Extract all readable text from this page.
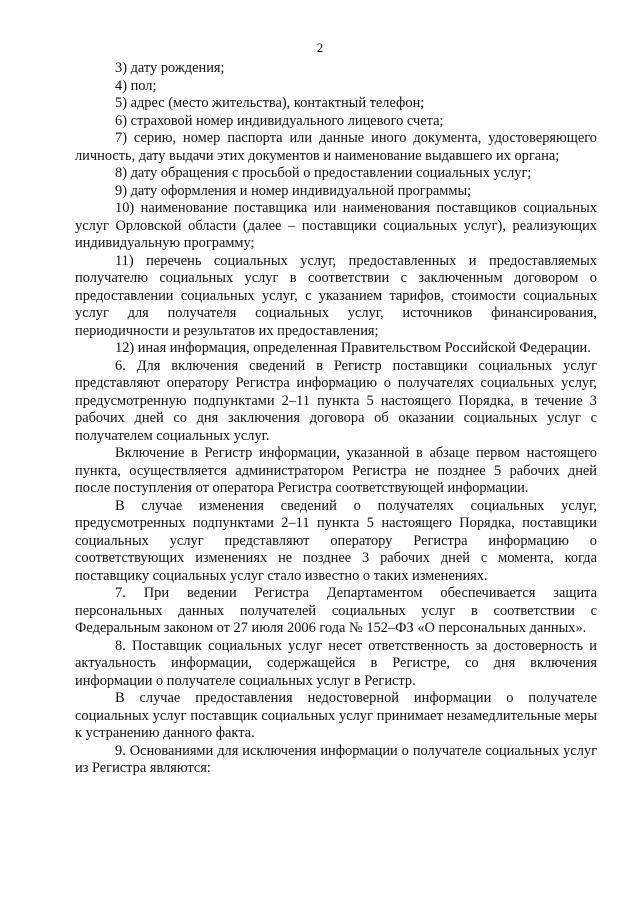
2

3) дату рождения;

4) пол;

5) адрес (место жительства), контактный телефон;

6) страховой номер индивидуального лицевого счета;

7) серию, номер паспорта или данные иного документа, удостоверяющего личность, дату выдачи этих документов и наименование выдавшего их органа;

8) дату обращения с просьбой о предоставлении социальных услуг;

9) дату оформления и номер индивидуальной программы;

10) наименование поставщика или наименования поставщиков социальных услуг Орловской области (далее – поставщики социальных услуг), реализующих индивидуальную программу;

11) перечень социальных услуг, предоставленных и предоставляемых получателю социальных услуг в соответствии с заключенным договором о предоставлении социальных услуг, с указанием тарифов, стоимости социальных услуг для получателя социальных услуг, источников финансирования, периодичности и результатов их предоставления;

12) иная информация, определенная Правительством Российской Федерации.

6. Для включения сведений в Регистр поставщики социальных услуг представляют оператору Регистра информацию о получателях социальных услуг, предусмотренную подпунктами 2–11 пункта 5 настоящего Порядка, в течение 3 рабочих дней со дня заключения договора об оказании социальных услуг с получателем социальных услуг.

Включение в Регистр информации, указанной в абзаце первом настоящего пункта, осуществляется администратором Регистра не позднее 5 рабочих дней после поступления от оператора Регистра соответствующей информации.

В случае изменения сведений о получателях социальных услуг, предусмотренных подпунктами 2–11 пункта 5 настоящего Порядка, поставщики социальных услуг представляют оператору Регистра информацию о соответствующих изменениях не позднее 3 рабочих дней с момента, когда поставщику социальных услуг стало известно о таких изменениях.

7. При ведении Регистра Департаментом обеспечивается защита персональных данных получателей социальных услуг в соответствии с Федеральным законом от 27 июля 2006 года № 152–ФЗ «О персональных данных».

8. Поставщик социальных услуг несет ответственность за достоверность и актуальность информации, содержащейся в Регистре, со дня включения информации о получателе социальных услуг в Регистр.

В случае предоставления недостоверной информации о получателе социальных услуг поставщик социальных услуг принимает незамедлительные меры к устранению данного факта.

9. Основаниями для исключения информации о получателе социальных услуг из Регистра являются:
